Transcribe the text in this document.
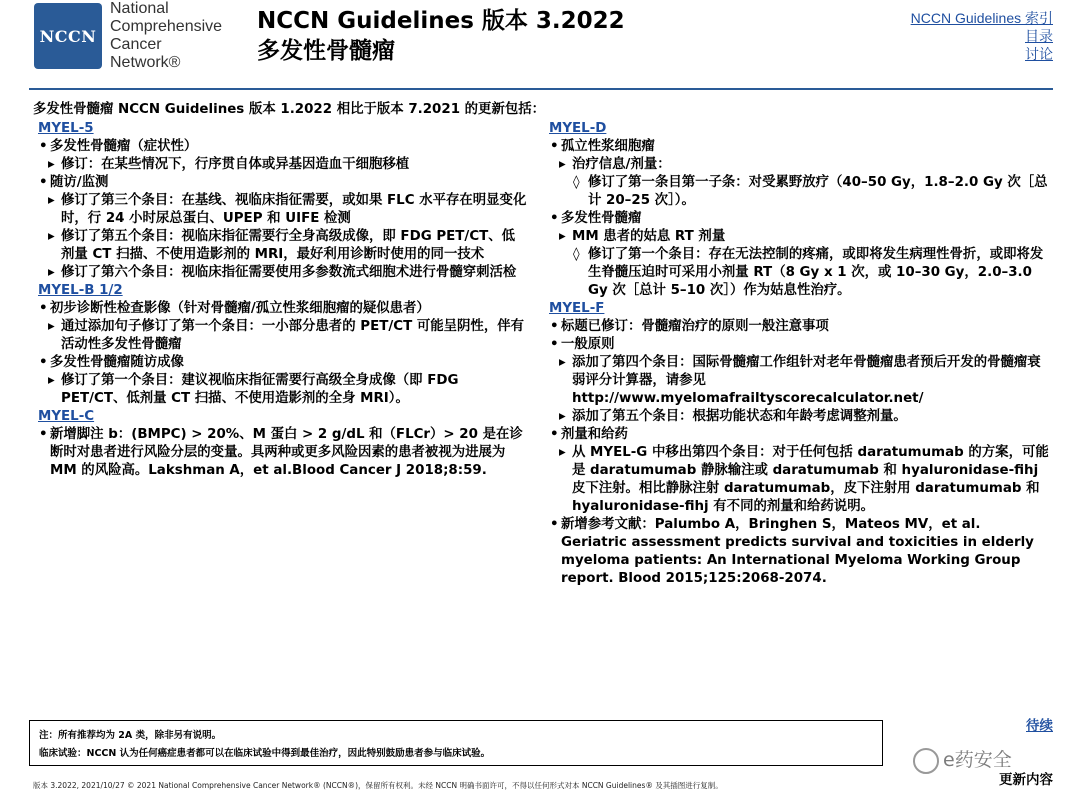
NCCN
National
Comprehensive
Cancer
Network®
NCCN Guidelines 版本 3.2022
多发性骨髓瘤
NCCN Guidelines 索引
目录
讨论
多发性骨髓瘤 NCCN Guidelines 版本 1.2022 相比于版本 7.2021 的更新包括：
MYEL-5
• 多发性骨髓瘤（症状性）
▸ 修订：在某些情况下，行序贯自体或异基因造血干细胞移植
• 随访/监测
▸ 修订了第三个条目：在基线、视临床指征需要，或如果 FLC 水平存在明显变化时，行 24 小时尿总蛋白、UPEP 和 UIFE 检测
▸ 修订了第五个条目：视临床指征需要行全身高级成像，即 FDG PET/CT、低剂量 CT 扫描、不使用造影剂的 MRI，最好利用诊断时使用的同一技术
▸ 修订了第六个条目：视临床指征需要使用多参数流式细胞术进行骨髓穿刺活检
MYEL-B 1/2
• 初步诊断性检查影像（针对骨髓瘤/孤立性浆细胞瘤的疑似患者）
▸ 通过添加句子修订了第一个条目：一小部分患者的 PET/CT 可能呈阴性，伴有活动性多发性骨髓瘤
• 多发性骨髓瘤随访成像
▸ 修订了第一个条目：建议视临床指征需要行高级全身成像（即 FDG PET/CT、低剂量 CT 扫描、不使用造影剂的全身 MRI）。
MYEL-C
• 新增脚注 b：(BMPC) > 20%、M 蛋白 > 2 g/dL 和（FLCr）> 20 是在诊断时对患者进行风险分层的变量。具两种或更多风险因素的患者被视为进展为 MM 的风险高。Lakshman A，et al.Blood Cancer J 2018;8:59.
MYEL-D
• 孤立性浆细胞瘤
▸ 治疗信息/剂量：
◊ 修订了第一条目第一子条：对受累野放疗（40–50 Gy，1.8–2.0 Gy 次［总计 20–25 次］）。
• 多发性骨髓瘤
▸ MM 患者的姑息 RT 剂量
◊ 修订了第一个条目：存在无法控制的疼痛，或即将发生病理性骨折，或即将发生脊髓压迫时可采用小剂量 RT（8 Gy x 1 次，或 10–30 Gy，2.0–3.0 Gy 次［总计 5–10 次］）作为姑息性治疗。
MYEL-F
• 标题已修订：骨髓瘤治疗的原则一般注意事项
• 一般原则
▸ 添加了第四个条目：国际骨髓瘤工作组针对老年骨髓瘤患者预后开发的骨髓瘤衰弱评分计算器，请参见 http://www.myelomafrailtyscorecalculator.net/
▸ 添加了第五个条目：根据功能状态和年龄考虑调整剂量。
• 剂量和给药
▸ 从 MYEL-G 中移出第四个条目：对于任何包括 daratumumab 的方案，可能是 daratumumab 静脉输注或 daratumumab 和 hyaluronidase-fihj 皮下注射。相比静脉注射 daratumumab，皮下注射用 daratumumab 和 hyaluronidase-fihj 有不同的剂量和给药说明。
• 新增参考文献：Palumbo A，Bringhen S，Mateos MV，et al. Geriatric assessment predicts survival and toxicities in elderly myeloma patients: An International Myeloma Working Group report. Blood 2015;125:2068-2074.
注：所有推荐均为 2A 类，除非另有说明。
临床试验：NCCN 认为任何癌症患者都可以在临床试验中得到最佳治疗，因此特别鼓励患者参与临床试验。
待续
e药安全
更新内容
版本 3.2022, 2021/10/27 © 2021 National Comprehensive Cancer Network® (NCCN®)，保留所有权利。未经 NCCN 明确书面许可，不得以任何形式对本 NCCN Guidelines® 及其插图进行复制。
